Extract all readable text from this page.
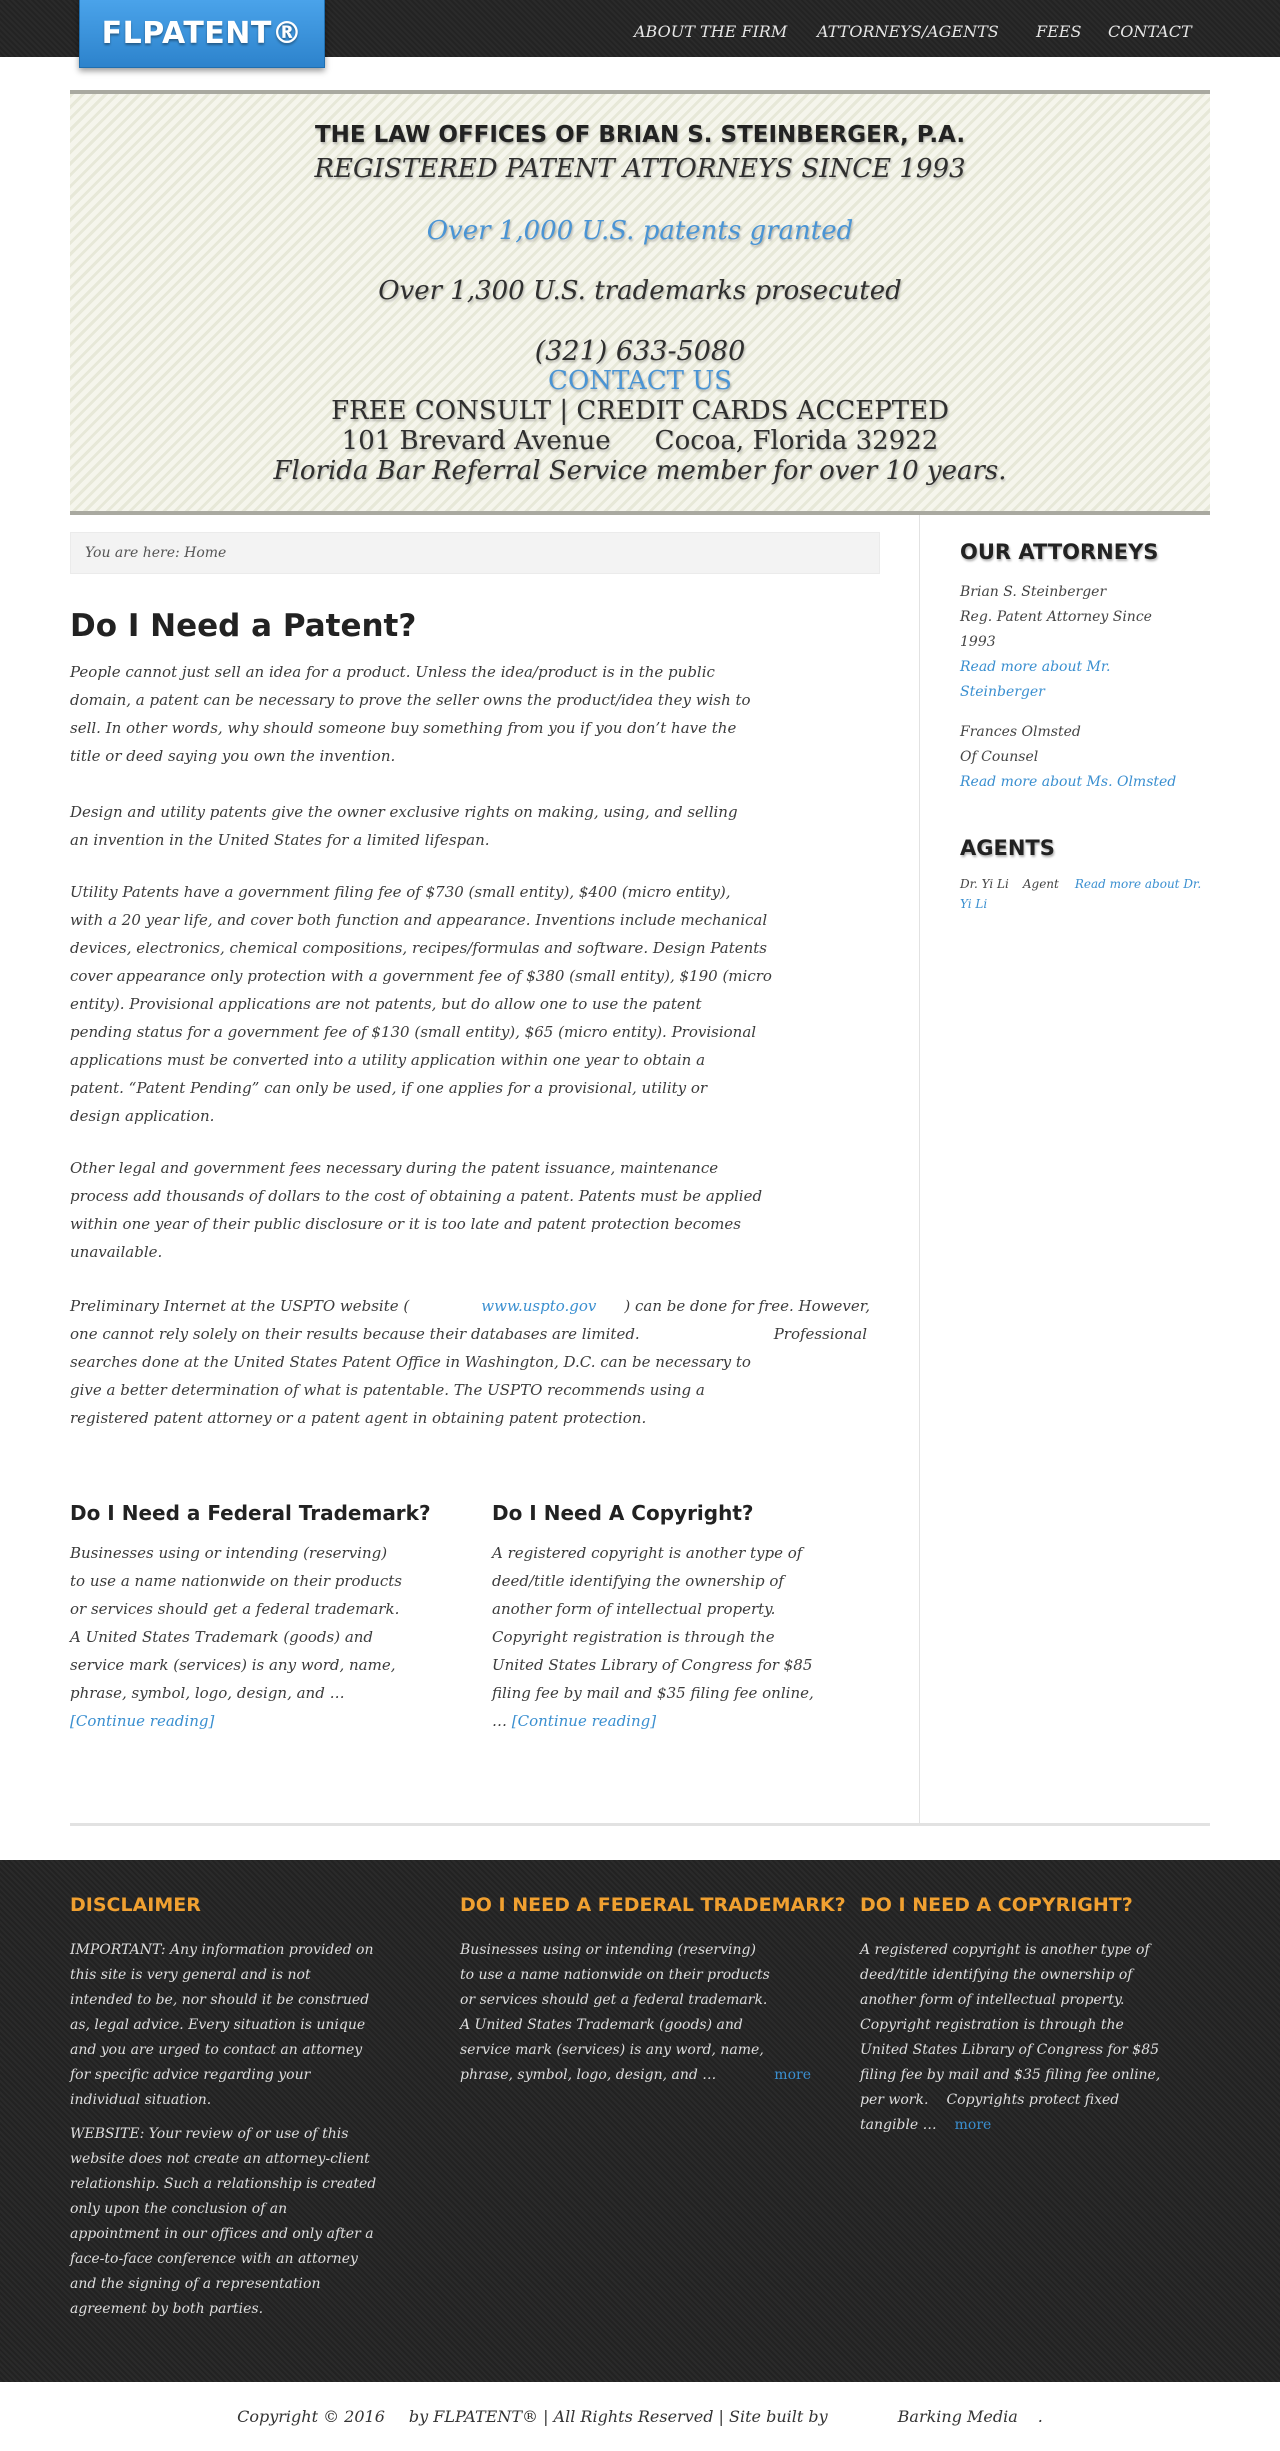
FLPATENT®	ABOUT THE FIRM ATTORNEYS/AGENTS FEES CONTACT
THE LAW OFFICES OF BRIAN S. STEINBERGER, P.A.
REGISTERED PATENT ATTORNEYS SINCE 1993
Over 1,000 U.S. patents granted
Over 1,300 U.S. trademarks prosecuted
(321) 633-5080
CONTACT US
FREE CONSULT | CREDIT CARDS ACCEPTED
101 Brevard Avenue Cocoa, Florida 32922
Florida Bar Referral Service member for over 10 years.
You are here: Home
Do I Need a Patent?
People cannot just sell an idea for a product. Unless the idea/product is in the public
domain, a patent can be necessary to prove the seller owns the product/idea they wish to
sell. In other words, why should someone buy something from you if you don’t have the
title or deed saying you own the invention.
Design and utility patents give the owner exclusive rights on making, using, and selling
an invention in the United States for a limited lifespan.
Utility Patents have a government filing fee of $730 (small entity), $400 (micro entity),
with a 20 year life, and cover both function and appearance. Inventions include mechanical
devices, electronics, chemical compositions, recipes/formulas and software. Design Patents
cover appearance only protection with a government fee of $380 (small entity), $190 (micro
entity). Provisional applications are not patents, but do allow one to use the patent
pending status for a government fee of $130 (small entity), $65 (micro entity). Provisional
applications must be converted into a utility application within one year to obtain a
patent. “Patent Pending” can only be used, if one applies for a provisional, utility or
design application.
Other legal and government fees necessary during the patent issuance, maintenance
process add thousands of dollars to the cost of obtaining a patent. Patents must be applied
within one year of their public disclosure or it is too late and patent protection becomes
unavailable.
Preliminary Internet at the USPTO website (	www.uspto.gov ) can be done for free. However,
one cannot rely solely on their results because their databases are limited.	Professional
searches done at the United States Patent Office in Washington, D.C. can be necessary to
give a better determination of what is patentable. The USPTO recommends using a
registered patent attorney or a patent agent in obtaining patent protection.
Do I Need a Federal Trademark?
Businesses using or intending (reserving)
to use a name nationwide on their products
or services should get a federal trademark.
A United States Trademark (goods) and
service mark (services) is any word, name,
phrase, symbol, logo, design, and …
[Continue reading]
Do I Need A Copyright?
A registered copyright is another type of
deed/title identifying the ownership of
another form of intellectual property.
Copyright registration is through the
United States Library of Congress for $85
filing fee by mail and $35 filing fee online,
… [Continue reading]
OUR ATTORNEYS
Brian S. Steinberger
Reg. Patent Attorney Since
1993
Read more about Mr.
Steinberger
Frances Olmsted
Of Counsel
Read more about Ms. Olmsted
AGENTS
Dr. Yi Li Agent Read more about Dr.
Yi Li
DISCLAIMER
IMPORTANT: Any information provided on
this site is very general and is not
intended to be, nor should it be construed
as, legal advice. Every situation is unique
and you are urged to contact an attorney
for specific advice regarding your
individual situation.
WEBSITE: Your review of or use of this
website does not create an attorney-client
relationship. Such a relationship is created
only upon the conclusion of an
appointment in our offices and only after a
face-to-face conference with an attorney
and the signing of a representation
agreement by both parties.
DO I NEED A FEDERAL TRADEMARK?
Businesses using or intending (reserving)
to use a name nationwide on their products
or services should get a federal trademark.
A United States Trademark (goods) and
service mark (services) is any word, name,
phrase, symbol, logo, design, and …	more
DO I NEED A COPYRIGHT?
A registered copyright is another type of
deed/title identifying the ownership of
another form of intellectual property.
Copyright registration is through the
United States Library of Congress for $85
filing fee by mail and $35 filing fee online,
per work. Copyrights protect fixed
tangible … more
Copyright © 2016 by FLPATENT® | All Rights Reserved | Site built by	Barking Media .
